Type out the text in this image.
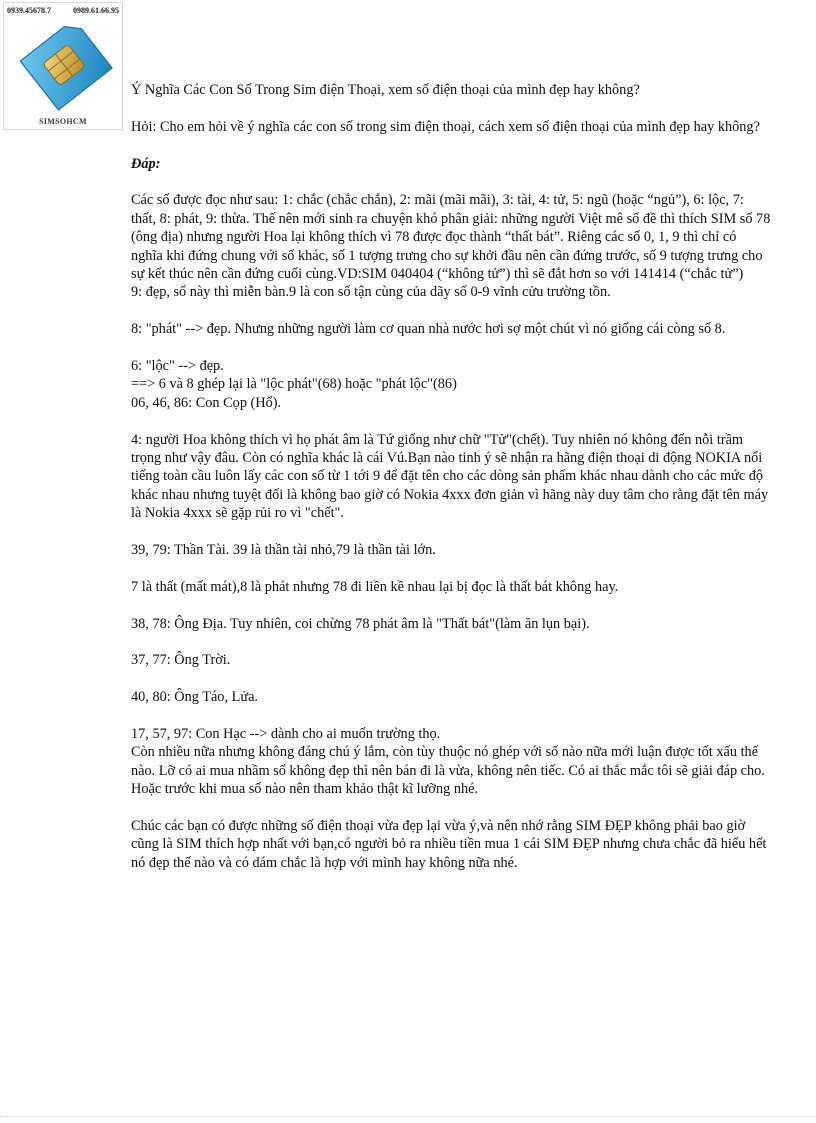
0939.45678.7	0989.61.66.95
SIMSOHCM

Ý Nghĩa Các Con Số Trong Sim điện Thoại, xem số điện thoại của mình đẹp hay không?

Hỏi: Cho em hỏi về ý nghĩa các con số trong sim điện thoại, cách xem số điện thoại của mình đẹp hay không?

Đáp:

Các số được đọc như sau: 1: chắc (chắc chắn), 2: mãi (mãi mãi), 3: tài, 4: tử, 5: ngũ (hoặc “ngủ”), 6: lộc, 7: thất, 8: phát, 9: thừa. Thế nên mới sinh ra chuyện khó phân giải: những người Việt mê số đề thì thích SIM số 78 (ông địa) nhưng người Hoa lại không thích vì 78 được đọc thành “thất bát”. Riêng các số 0, 1, 9 thì chỉ có nghĩa khi đứng chung với số khác, số 1 tượng trưng cho sự khởi đầu nên cần đứng trước, số 9 tượng trưng cho sự kết thúc nên cần đứng cuối cùng.VD:SIM 040404 (“không tử”) thì sẽ đắt hơn so với 141414 (“chắc tử”)
9: đẹp, số này thì miễn bàn.9 là con số tận cùng của dãy số 0-9 vĩnh cửu trường tồn.

8: "phát" --> đẹp. Nhưng những người làm cơ quan nhà nước hơi sợ một chút vì nó giống cái còng số 8.

6: "lộc" --> đẹp.
==> 6 và 8 ghép lại là "lộc phát"(68) hoặc "phát lộc"(86)
06, 46, 86: Con Cọp (Hổ).

4: người Hoa không thích vì họ phát âm là Tứ giống như chữ "Tử"(chết). Tuy nhiên nó không đến nỗi trầm trọng như vậy đâu. Còn có nghĩa khác là cái Vú.Bạn nào tinh ý sẽ nhận ra hãng điện thoại di động NOKIA nổi tiếng toàn cầu luôn lấy các con số từ 1 tới 9 để đặt tên cho các dòng sản phẩm khác nhau dành cho các mức độ khác nhau nhưng tuyệt đối là không bao giờ có Nokia 4xxx đơn giản vì hãng này duy tâm cho rằng đặt tên máy là Nokia 4xxx sẽ gặp rủi ro vì "chết".

39, 79: Thần Tài. 39 là thần tài nhỏ,79 là thần tài lớn.

7 là thất (mất mát),8 là phát nhưng 78 đi liền kề nhau lại bị đọc là thất bát không hay.

38, 78: Ông Địa. Tuy nhiên, coi chừng 78 phát âm là "Thất bát"(làm ăn lụn bại).

37, 77: Ông Trời.

40, 80: Ông Táo, Lửa.

17, 57, 97: Con Hạc --> dành cho ai muốn trường thọ.
Còn nhiều nữa nhưng không đáng chú ý lắm, còn tùy thuộc nó ghép với số nào nữa mới luận được tốt xấu thế nào. Lỡ có ai mua nhầm số không đẹp thì nên bán đi là vừa, không nên tiếc. Có ai thắc mắc tôi sẽ giải đáp cho. Hoặc trước khi mua số nào nên tham khảo thật kĩ lưỡng nhé.

Chúc các bạn có được những số điện thoại vừa đẹp lại vừa ý,và nên nhớ rằng SIM ĐẸP không phải bao giờ cũng là SIM thích hợp nhất với bạn,có người bỏ ra nhiều tiền mua 1 cái SIM ĐẸP nhưng chưa chắc đã hiểu hết nó đẹp thế nào và có dám chắc là hợp với mình hay không nữa nhé.
